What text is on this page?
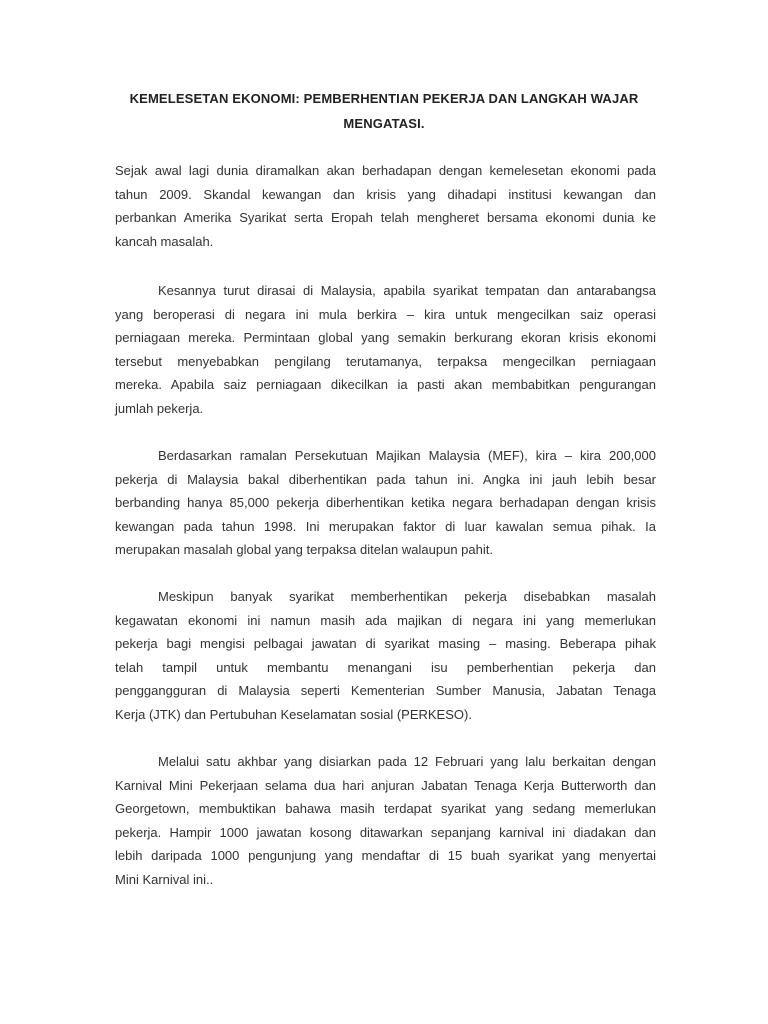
KEMELESETAN EKONOMI: PEMBERHENTIAN PEKERJA DAN LANGKAH WAJAR
MENGATASI.
Sejak awal lagi dunia diramalkan akan berhadapan dengan kemelesetan ekonomi pada
tahun 2009. Skandal kewangan dan krisis yang dihadapi institusi kewangan dan
perbankan Amerika Syarikat serta Eropah telah mengheret bersama ekonomi dunia ke
kancah masalah.
Kesannya turut dirasai di Malaysia, apabila syarikat tempatan dan antarabangsa
yang beroperasi di negara ini mula berkira – kira untuk mengecilkan saiz operasi
perniagaan mereka. Permintaan global yang semakin berkurang ekoran krisis ekonomi
tersebut menyebabkan pengilang terutamanya, terpaksa mengecilkan perniagaan
mereka. Apabila saiz perniagaan dikecilkan ia pasti akan membabitkan pengurangan
jumlah pekerja.
Berdasarkan ramalan Persekutuan Majikan Malaysia (MEF), kira – kira 200,000
pekerja di Malaysia bakal diberhentikan pada tahun ini. Angka ini jauh lebih besar
berbanding hanya 85,000 pekerja diberhentikan ketika negara berhadapan dengan krisis
kewangan pada tahun 1998. Ini merupakan faktor di luar kawalan semua pihak. Ia
merupakan masalah global yang terpaksa ditelan walaupun pahit.
Meskipun banyak syarikat memberhentikan pekerja disebabkan masalah
kegawatan ekonomi ini namun masih ada majikan di negara ini yang memerlukan
pekerja bagi mengisi pelbagai jawatan di syarikat masing – masing. Beberapa pihak
telah tampil untuk membantu menangani isu pemberhentian pekerja dan
penggangguran di Malaysia seperti Kementerian Sumber Manusia, Jabatan Tenaga
Kerja (JTK) dan Pertubuhan Keselamatan sosial (PERKESO).
Melalui satu akhbar yang disiarkan pada 12 Februari yang lalu berkaitan dengan
Karnival Mini Pekerjaan selama dua hari anjuran Jabatan Tenaga Kerja Butterworth dan
Georgetown, membuktikan bahawa masih terdapat syarikat yang sedang memerlukan
pekerja. Hampir 1000 jawatan kosong ditawarkan sepanjang karnival ini diadakan dan
lebih daripada 1000 pengunjung yang mendaftar di 15 buah syarikat yang menyertai
Mini Karnival ini..
